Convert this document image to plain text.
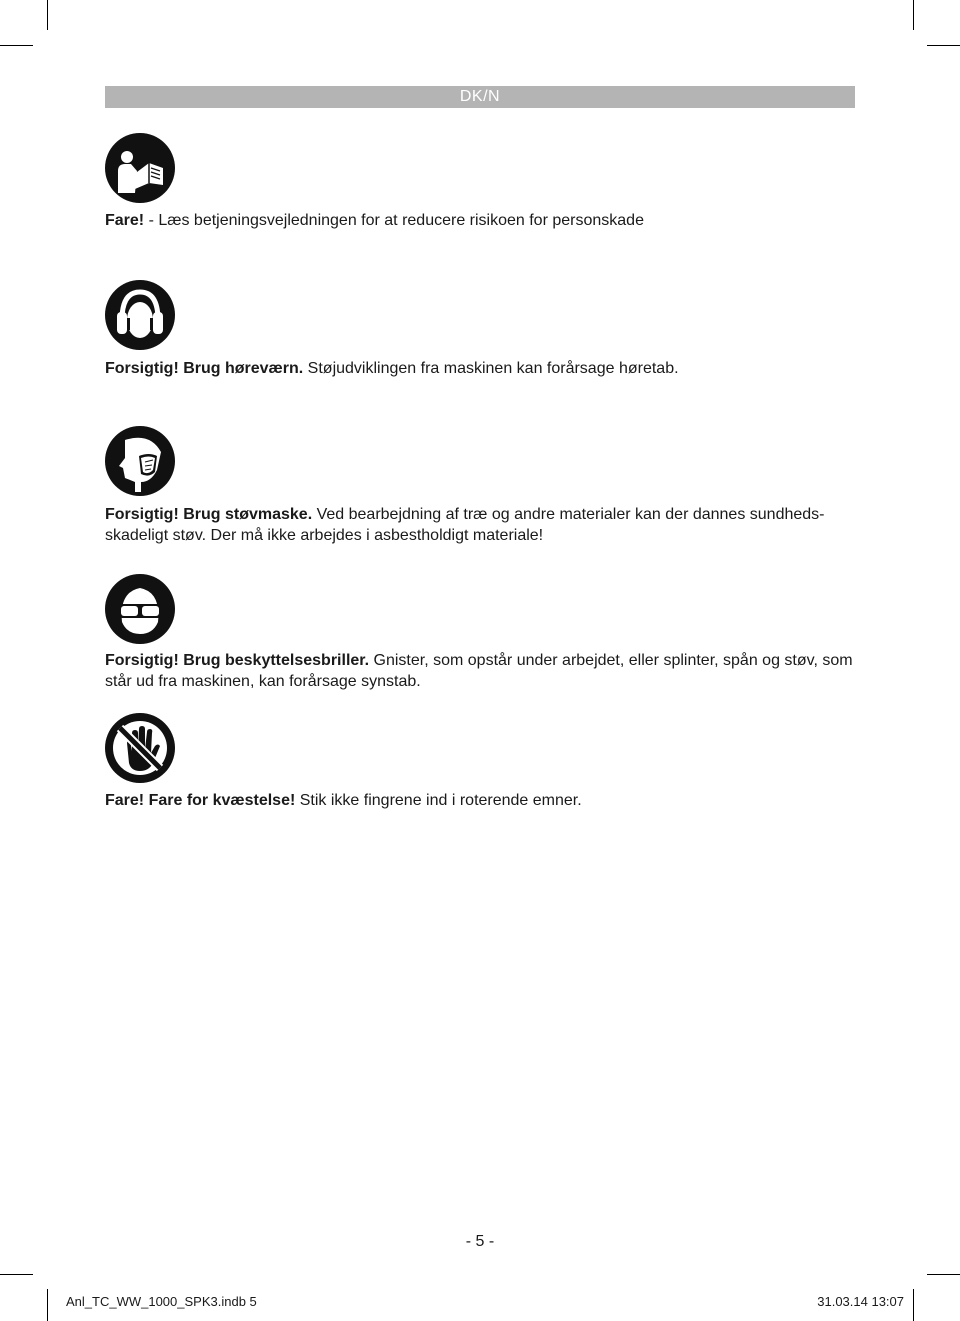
DK/N
Fare! - Læs betjeningsvejledningen for at reducere risikoen for personskade
Forsigtig! Brug høreværn. Støjudviklingen fra maskinen kan forårsage høretab.
Forsigtig! Brug støvmaske. Ved bearbejdning af træ og andre materialer kan der dannes sundheds-skadeligt støv. Der må ikke arbejdes i asbestholdigt materiale!
Forsigtig! Brug beskyttelsesbriller. Gnister, som opstår under arbejdet, eller splinter, spån og støv, som står ud fra maskinen, kan forårsage synstab.
Fare! Fare for kvæstelse! Stik ikke fingrene ind i roterende emner.
- 5 -
Anl_TC_WW_1000_SPK3.indb 5	31.03.14 13:07
